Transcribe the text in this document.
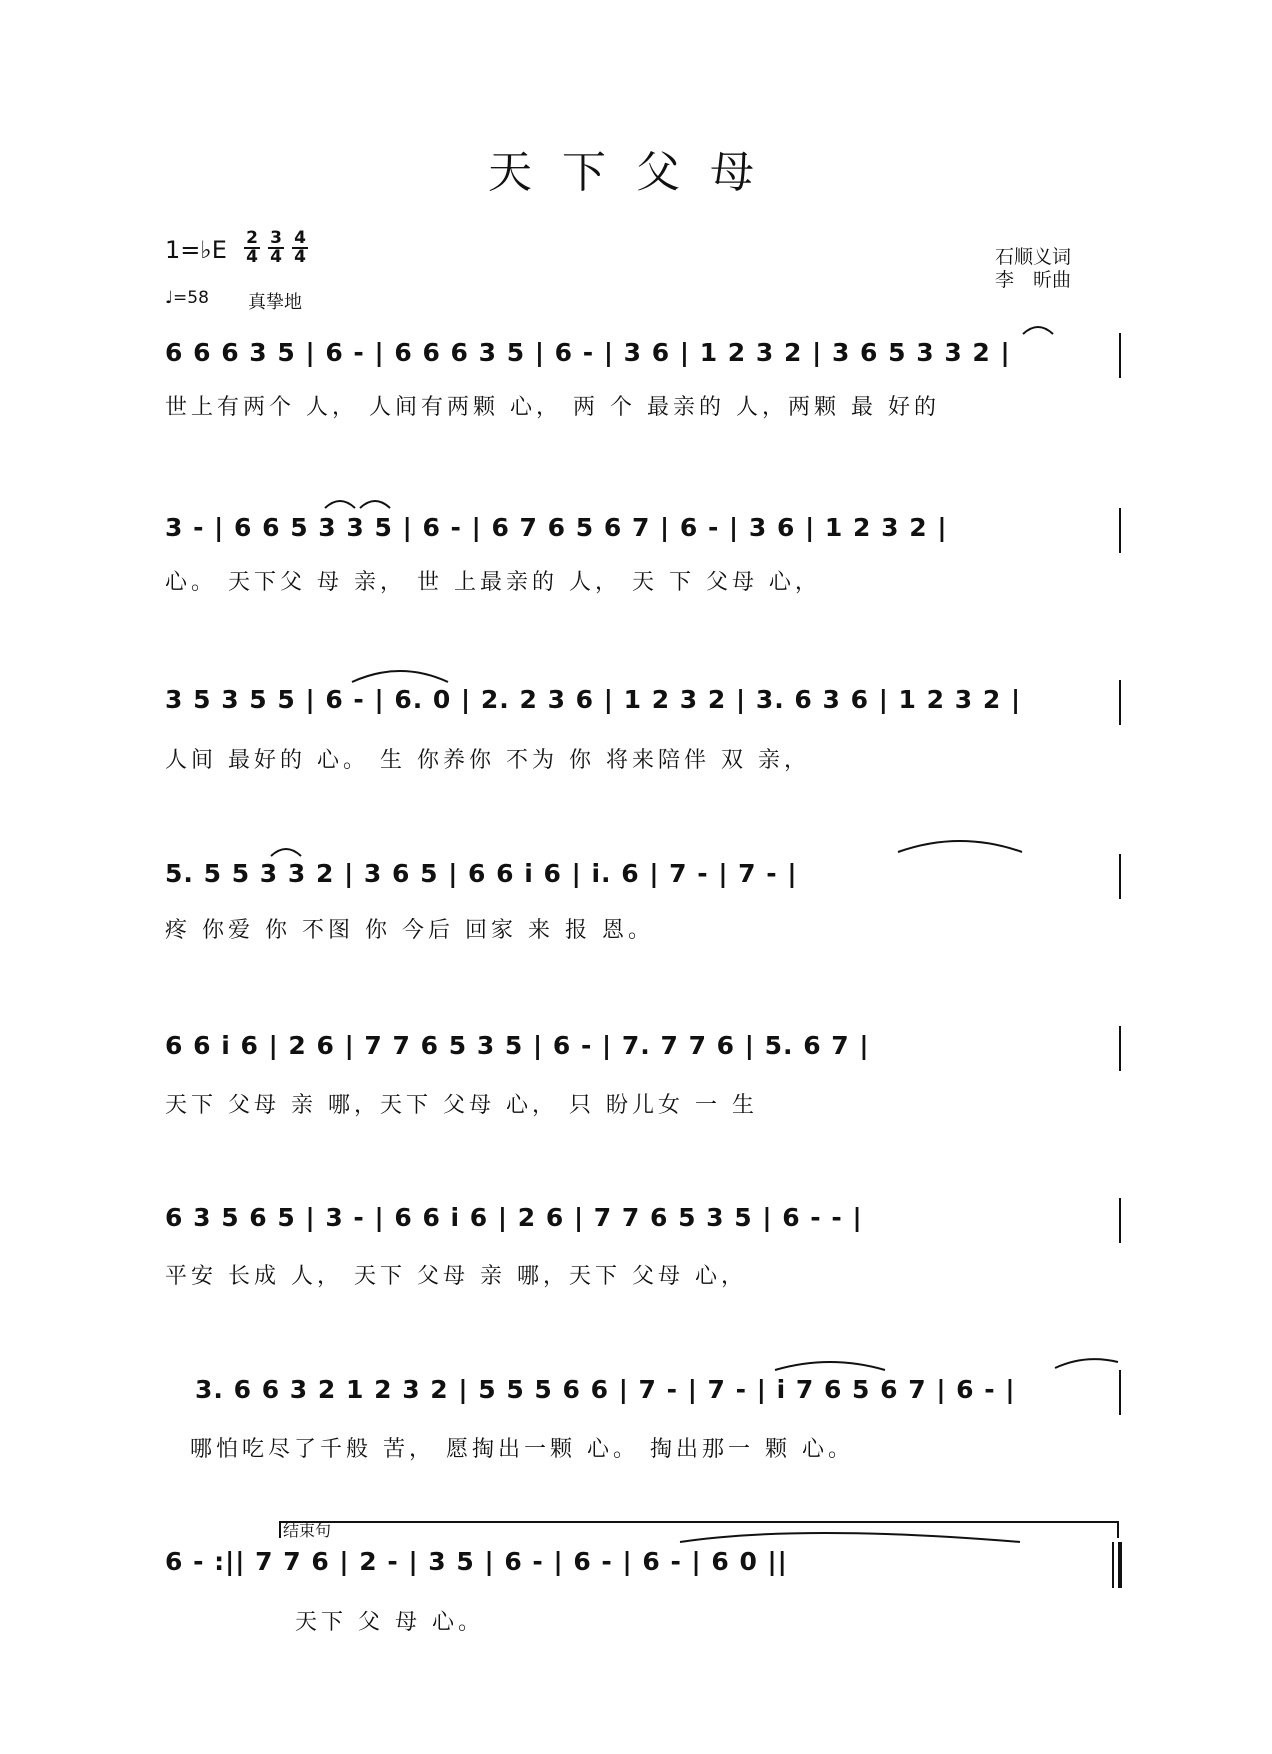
天下父母
1=♭E $\frac{2}{4} \frac{3}{4} \frac{4}{4}$
♩=58 真挚地
石顺义词
李　昕曲
6 6 6 3 5 | 6 - | 6 6 6 3 5 | 6 - | 3 6 | 1 2 3 2 | 3 6 5 3 3 2 |
世上有两个 人， 人间有两颗 心， 两 个 最亲的 人，两颗 最 好的
3 - | 6 6 5 3 3 5 | 6 - | 6 7 6 5 6 7 | 6 - | 3 6 | 1 2 3 2 |
心。 天下父 母 亲， 世 上最亲的 人， 天 下 父母 心，
3 5 3 5 5 | 6 - | 6. 0 | 2. 2 3 6 | 1 2 3 2 | 3. 6 3 6 | 1 2 3 2 |
人间 最好的 心。 生 你养你 不为 你 将来陪伴 双 亲，
5. 5 5 3 3 2 | 3 6 5 | 6 6 i 6 | i. 6 | 7 - | 7 - |
疼 你爱 你 不图 你 今后 回家 来 报 恩。
6 6 i 6 | 2 6 | 7 7 6 5 3 5 | 6 - | 7. 7 7 6 | 5. 6 7 |
天下 父母 亲 哪，天下 父母 心， 只 盼儿女 一 生
6 3 5 6 5 | 3 - | 6 6 i 6 | 2 6 | 7 7 6 5 3 5 | 6 - - |
平安 长成 人， 天下 父母 亲 哪，天下 父母 心，
3. 6 6 3 2 1 2 3 2 | 5 5 5 6 6 | 7 - | 7 - | i 7 6 5 6 7 | 6 - |
哪怕吃尽了千般 苦， 愿掏出一颗 心。 掏出那一 颗 心。
6 - :|| 7 7 6 | 2 - | 3 5 | 6 - | 6 - | 6 - | 6 0 ||
天下 父 母 心。
结束句
